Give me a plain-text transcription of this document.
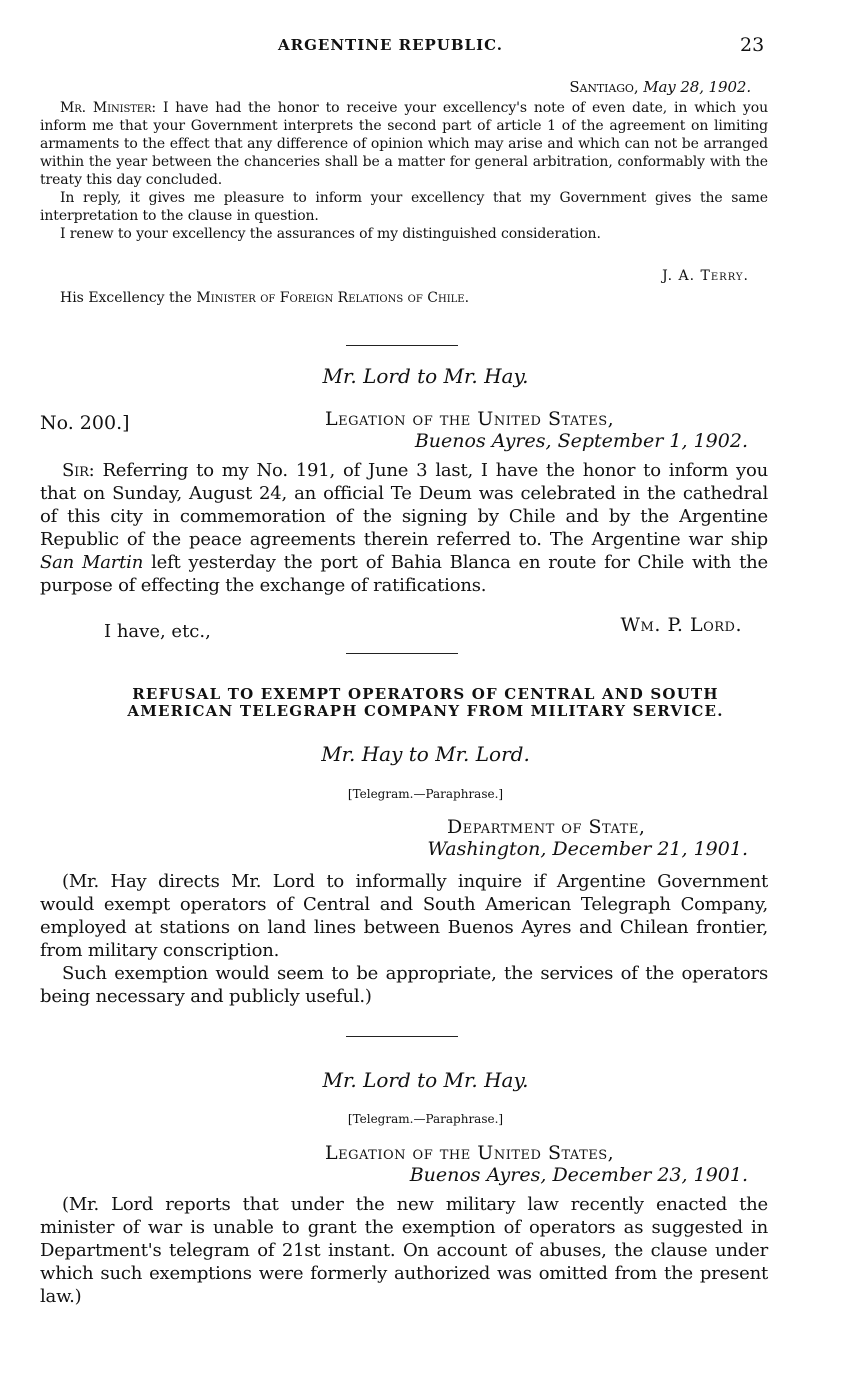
ARGENTINE REPUBLIC.	23
Santiago, May 28, 1902.

Mr. Minister: I have had the honor to receive your excellency's note of even date, in which you inform me that your Government interprets the second part of article 1 of the agreement on limiting armaments to the effect that any difference of opinion which may arise and which can not be arranged within the year between the chanceries shall be a matter for general arbitration, conformably with the treaty this day concluded.

In reply, it gives me pleasure to inform your excellency that my Government gives the same interpretation to the clause in question.

I renew to your excellency the assurances of my distinguished consideration.

J. A. Terry.
His Excellency the Minister of Foreign Relations of Chile.
Mr. Lord to Mr. Hay.
No. 200.]	Legation of the United States,
Buenos Ayres, September 1, 1902.

Sir: Referring to my No. 191, of June 3 last, I have the honor to inform you that on Sunday, August 24, an official Te Deum was celebrated in the cathedral of this city in commemoration of the signing by Chile and by the Argentine Republic of the peace agreements therein referred to. The Argentine war ship San Martin left yesterday the port of Bahia Blanca en route for Chile with the purpose of effecting the exchange of ratifications.

I have, etc.,	Wm. P. Lord.
REFUSAL TO EXEMPT OPERATORS OF CENTRAL AND SOUTH
AMERICAN TELEGRAPH COMPANY FROM MILITARY SERVICE.
Mr. Hay to Mr. Lord.
[Telegram.—Paraphrase.]
Department of State,
Washington, December 21, 1901.

(Mr. Hay directs Mr. Lord to informally inquire if Argentine Government would exempt operators of Central and South American Telegraph Company, employed at stations on land lines between Buenos Ayres and Chilean frontier, from military conscription.

Such exemption would seem to be appropriate, the services of the operators being necessary and publicly useful.)

Mr. Lord to Mr. Hay.
[Telegram.—Paraphrase.]
Legation of the United States,
Buenos Ayres, December 23, 1901.

(Mr. Lord reports that under the new military law recently enacted the minister of war is unable to grant the exemption of operators as suggested in Department's telegram of 21st instant. On account of abuses, the clause under which such exemptions were formerly authorized was omitted from the present law.)
